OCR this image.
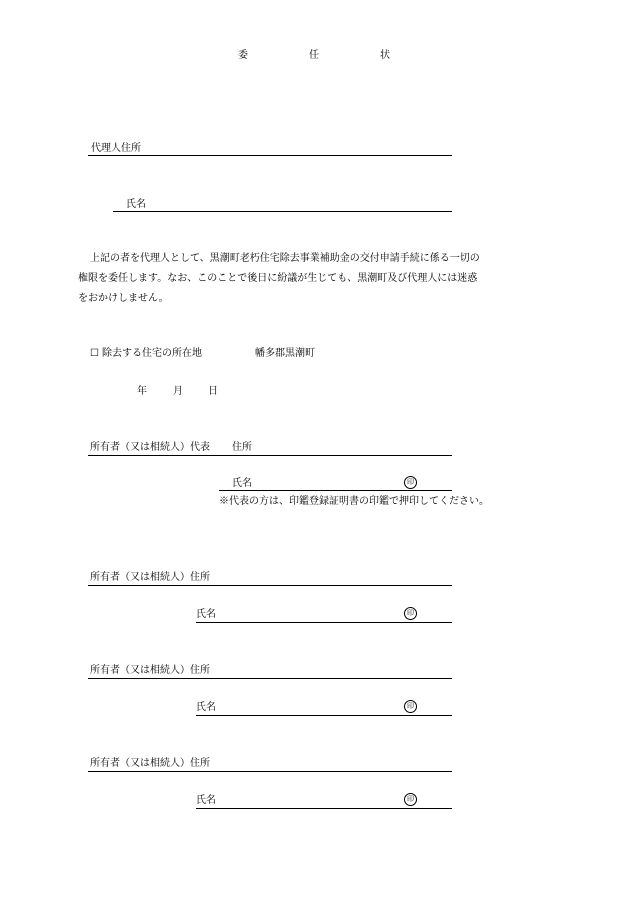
委	任	状
代理人住所
氏名
上記の者を代理人として、黒潮町老朽住宅除去事業補助金の交付申請手続に係る一切の
権限を委任します。なお、このことで後日に紛議が生じても、黒潮町及び代理人には迷惑
をおかけしません。
☐ 除去する住宅の所在地	幡多郡黒潮町
年	月	日
所有者（又は相続人）代表 住所
氏名	印
※代表の方は、印鑑登録証明書の印鑑で押印してください。
所有者（又は相続人）住所
氏名	印
所有者（又は相続人）住所
氏名	印
所有者（又は相続人）住所
氏名	印
